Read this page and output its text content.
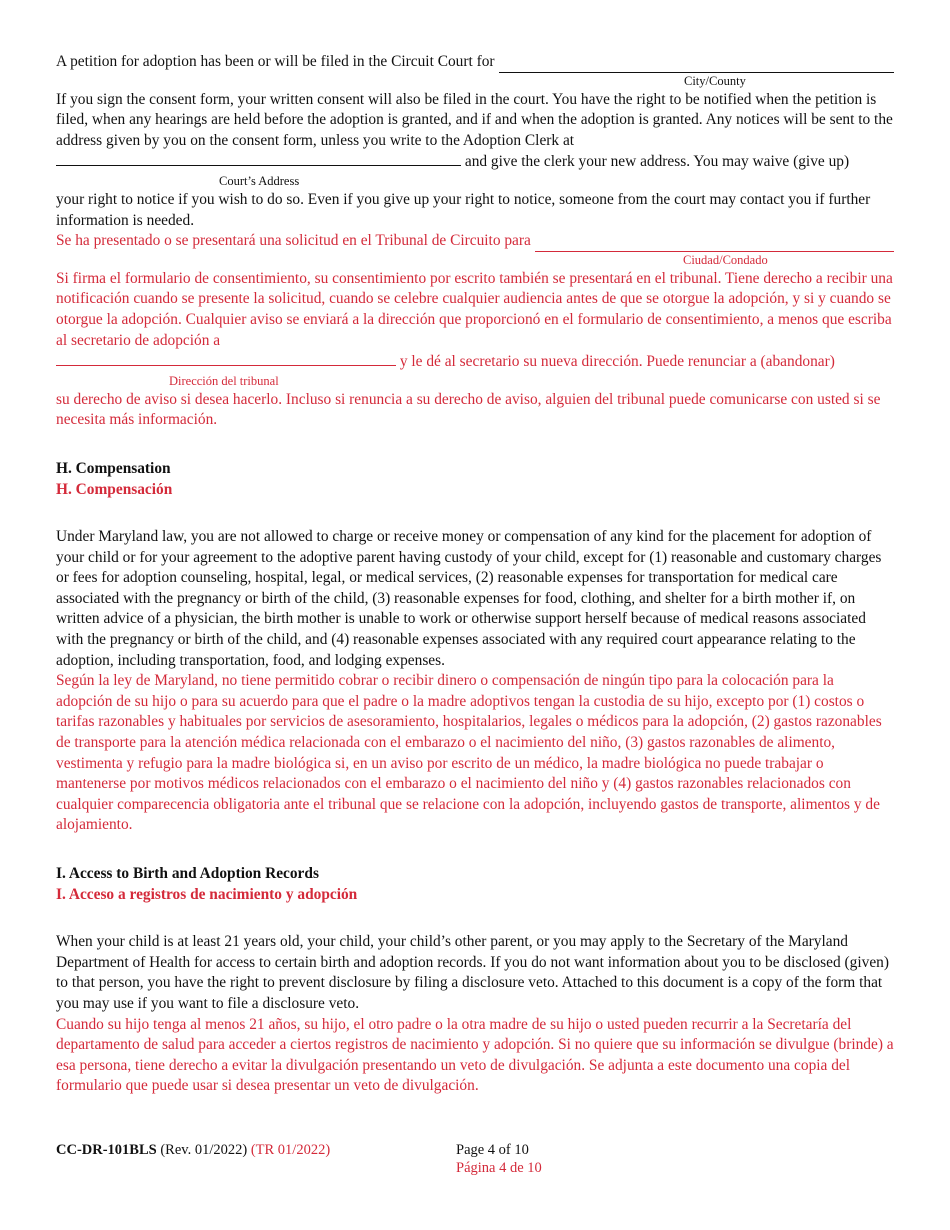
A petition for adoption has been or will be filed in the Circuit Court for

City/County

If you sign the consent form, your written consent will also be filed in the court. You have the right to be notified when the petition is filed, when any hearings are held before the adoption is granted, and if and when the adoption is granted. Any notices will be sent to the address given by you on the consent form, unless you write to the Adoption Clerk at

and give the clerk your new address. You may waive (give up)

Court’s Address

your right to notice if you wish to do so. Even if you give up your right to notice, someone from the court may contact you if further information is needed.

Se ha presentado o se presentará una solicitud en el Tribunal de Circuito para

Ciudad/Condado

Si firma el formulario de consentimiento, su consentimiento por escrito también se presentará en el tribunal. Tiene derecho a recibir una notificación cuando se presente la solicitud, cuando se celebre cualquier audiencia antes de que se otorgue la adopción, y si y cuando se otorgue la adopción. Cualquier aviso se enviará a la dirección que proporcionó en el formulario de consentimiento, a menos que escriba al secretario de adopción a

y le dé al secretario su nueva dirección. Puede renunciar a (abandonar)

Dirección del tribunal

su derecho de aviso si desea hacerlo. Incluso si renuncia a su derecho de aviso, alguien del tribunal puede comunicarse con usted si se necesita más información.

H. Compensation

H. Compensación

Under Maryland law, you are not allowed to charge or receive money or compensation of any kind for the placement for adoption of your child or for your agreement to the adoptive parent having custody of your child, except for (1) reasonable and customary charges or fees for adoption counseling, hospital, legal, or medical services, (2) reasonable expenses for transportation for medical care associated with the pregnancy or birth of the child, (3) reasonable expenses for food, clothing, and shelter for a birth mother if, on written advice of a physician, the birth mother is unable to work or otherwise support herself because of medical reasons associated with the pregnancy or birth of the child, and (4) reasonable expenses associated with any required court appearance relating to the adoption, including transportation, food, and lodging expenses.

Según la ley de Maryland, no tiene permitido cobrar o recibir dinero o compensación de ningún tipo para la colocación para la adopción de su hijo o para su acuerdo para que el padre o la madre adoptivos tengan la custodia de su hijo, excepto por (1) costos o tarifas razonables y habituales por servicios de asesoramiento, hospitalarios, legales o médicos para la adopción, (2) gastos razonables de transporte para la atención médica relacionada con el embarazo o el nacimiento del niño, (3) gastos razonables de alimento, vestimenta y refugio para la madre biológica si, en un aviso por escrito de un médico, la madre biológica no puede trabajar o mantenerse por motivos médicos relacionados con el embarazo o el nacimiento del niño y (4) gastos razonables relacionados con cualquier comparecencia obligatoria ante el tribunal que se relacione con la adopción, incluyendo gastos de transporte, alimentos y de alojamiento.

I. Access to Birth and Adoption Records

I. Acceso a registros de nacimiento y adopción

When your child is at least 21 years old, your child, your child’s other parent, or you may apply to the Secretary of the Maryland Department of Health for access to certain birth and adoption records. If you do not want information about you to be disclosed (given) to that person, you have the right to prevent disclosure by filing a disclosure veto. Attached to this document is a copy of the form that you may use if you want to file a disclosure veto.

Cuando su hijo tenga al menos 21 años, su hijo, el otro padre o la otra madre de su hijo o usted pueden recurrir a la Secretaría del departamento de salud para acceder a ciertos registros de nacimiento y adopción. Si no quiere que su información se divulgue (brinde) a esa persona, tiene derecho a evitar la divulgación presentando un veto de divulgación. Se adjunta a este documento una copia del formulario que puede usar si desea presentar un veto de divulgación.

CC-DR-101BLS (Rev. 01/2022) (TR 01/2022)	Page 4 of 10
Página 4 de 10
